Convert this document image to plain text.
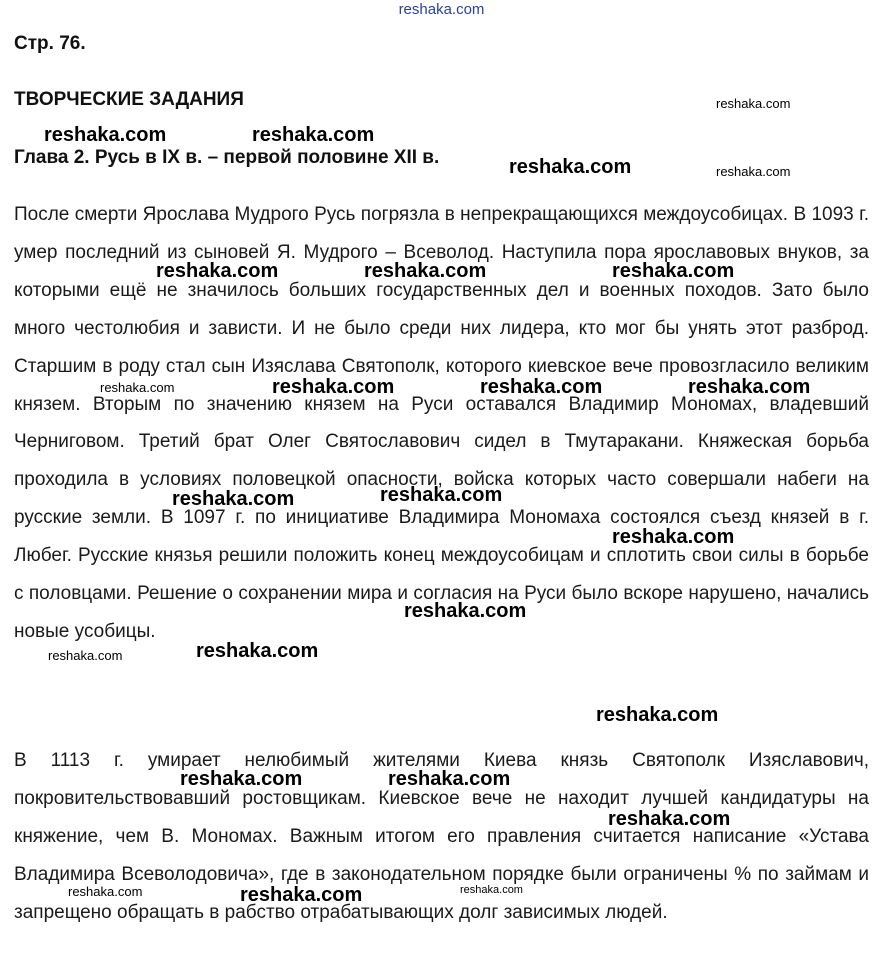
reshaka.com
Стр. 76.
ТВОРЧЕСКИЕ ЗАДАНИЯ
Глава 2. Русь в IX в. – первой половине XII в.
После смерти Ярослава Мудрого Русь погрязла в непрекращающихся междоусобицах. В 1093 г. умер последний из сыновей Я. Мудрого – Всеволод. Наступила пора ярославовых внуков, за которыми ещё не значилось больших государственных дел и военных походов. Зато было много честолюбия и зависти. И не было среди них лидера, кто мог бы унять этот разброд. Старшим в роду стал сын Изяслава Святополк, которого киевское вече провозгласило великим князем. Вторым по значению князем на Руси оставался Владимир Мономах, владевший Черниговом. Третий брат Олег Святославович сидел в Тмутаракани. Княжеская борьба проходила в условиях половецкой опасности, войска которых часто совершали набеги на русские земли. В 1097 г. по инициативе Владимира Мономаха состоялся съезд князей в г. Любег. Русские князья решили положить конец междоусобицам и сплотить свои силы в борьбе с половцами. Решение о сохранении мира и согласия на Руси было вскоре нарушено, начались новые усобицы.
В 1113 г. умирает нелюбимый жителями Киева князь Святополк Изяславович, покровительствовавший ростовщикам. Киевское вече не находит лучшей кандидатуры на княжение, чем В. Мономах. Важным итогом его правления считается написание «Устава Владимира Всеволодовича», где в законодательном порядке были ограничены % по займам и запрещено обращать в рабство отрабатывающих долг зависимых людей.
reshaka.com
reshaka.com	reshaka.com
reshaka.com	reshaka.com
reshaka.com	reshaka.com	reshaka.com
reshaka.com	reshaka.com	reshaka.com	reshaka.com
reshaka.com	reshaka.com
reshaka.com
reshaka.com
reshaka.com	reshaka.com
reshaka.com
reshaka.com	reshaka.com
reshaka.com
reshaka.com	reshaka.com	reshaka.com
